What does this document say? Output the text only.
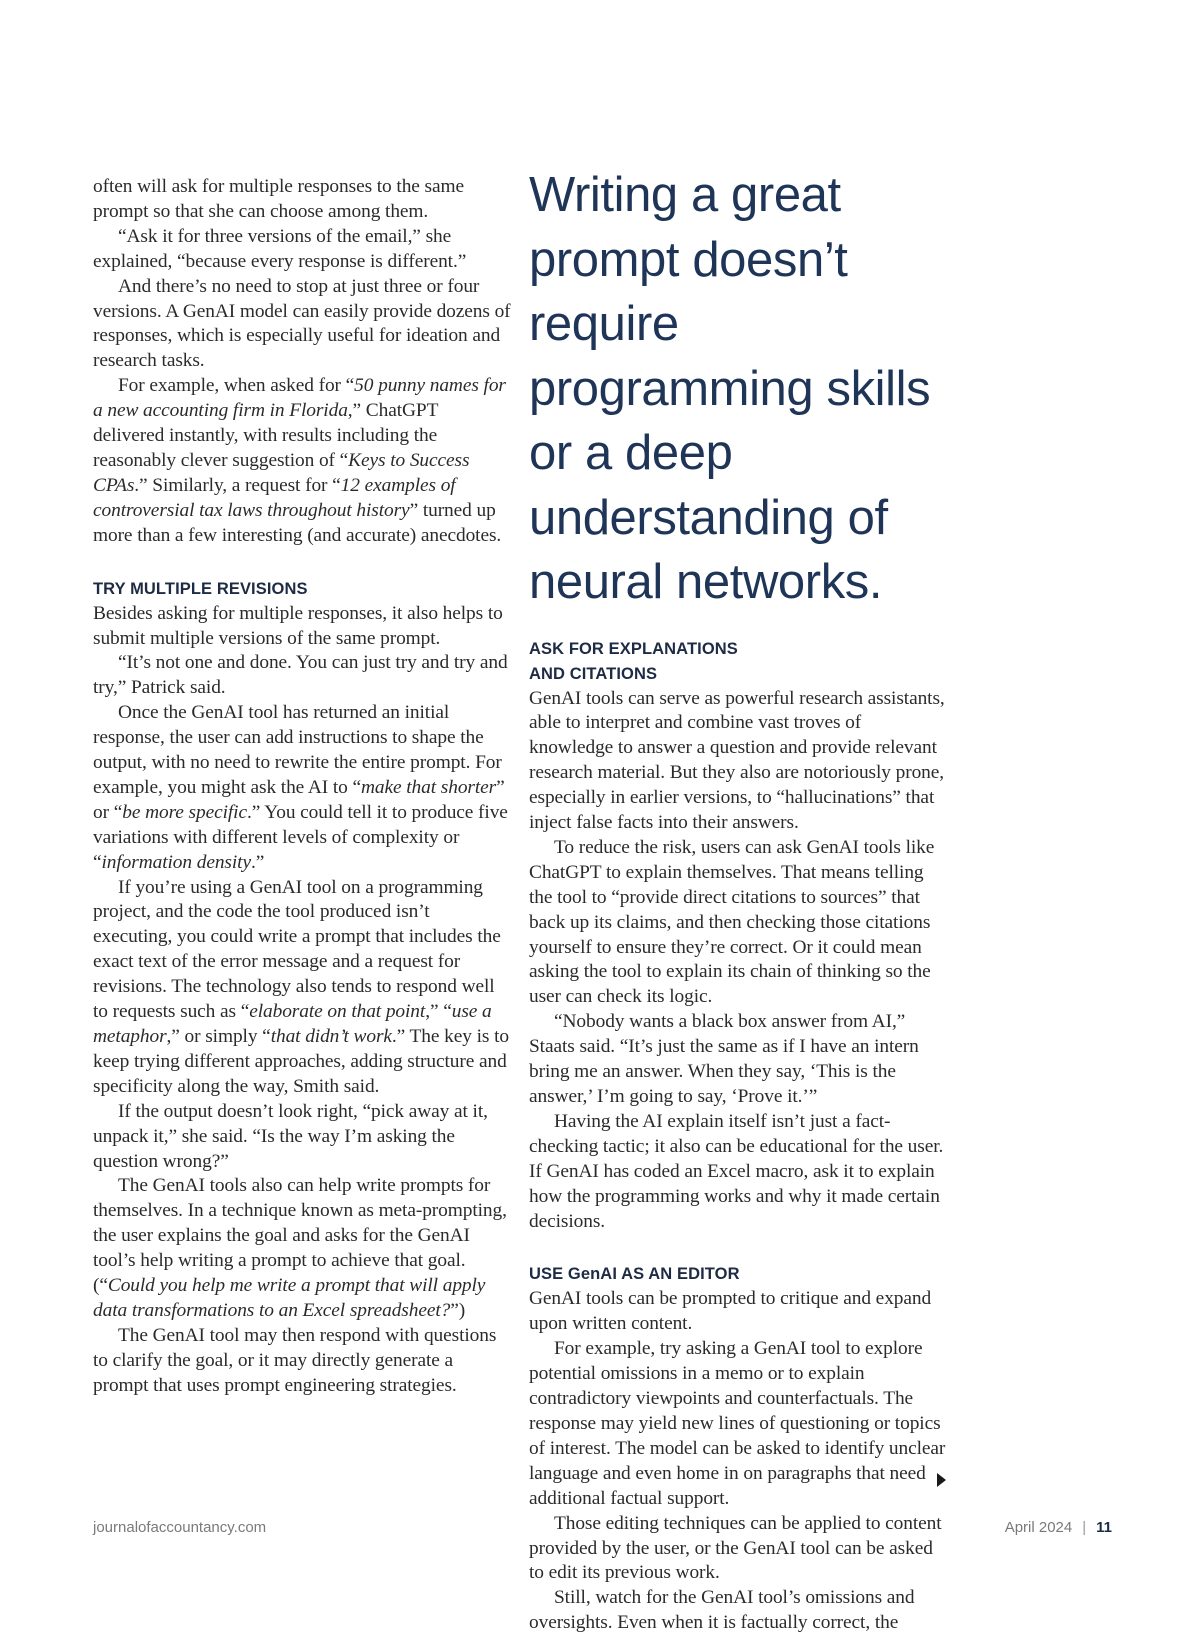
often will ask for multiple responses to the same prompt so that she can choose among them.

“Ask it for three versions of the email,” she explained, “because every response is different.”

And there’s no need to stop at just three or four versions. A GenAI model can easily provide dozens of responses, which is especially useful for ideation and research tasks.

For example, when asked for “50 punny names for a new accounting firm in Florida,” ChatGPT delivered instantly, with results including the reasonably clever suggestion of “Keys to Success CPAs.” Similarly, a request for “12 examples of controversial tax laws throughout history” turned up more than a few interesting (and accurate) anecdotes.

TRY MULTIPLE REVISIONS

Besides asking for multiple responses, it also helps to submit multiple versions of the same prompt.

“It’s not one and done. You can just try and try and try,” Patrick said.

Once the GenAI tool has returned an initial response, the user can add instructions to shape the output, with no need to rewrite the entire prompt. For example, you might ask the AI to “make that shorter” or “be more specific.” You could tell it to produce five variations with different levels of complexity or “information density.”

If you’re using a GenAI tool on a programming project, and the code the tool produced isn’t executing, you could write a prompt that includes the exact text of the error message and a request for revisions. The technology also tends to respond well to requests such as “elaborate on that point,” “use a metaphor,” or simply “that didn’t work.” The key is to keep trying different approaches, adding structure and specificity along the way, Smith said.

If the output doesn’t look right, “pick away at it, unpack it,” she said. “Is the way I’m asking the question wrong?”

The GenAI tools also can help write prompts for themselves. In a technique known as meta-prompting, the user explains the goal and asks for the GenAI tool’s help writing a prompt to achieve that goal. (“Could you help me write a prompt that will apply data transformations to an Excel spreadsheet?”)

The GenAI tool may then respond with questions to clarify the goal, or it may directly generate a prompt that uses prompt engineering strategies.

Writing a great prompt doesn’t require programming skills or a deep understanding of neural networks.
ASK FOR EXPLANATIONS
AND CITATIONS

GenAI tools can serve as powerful research assistants, able to interpret and combine vast troves of knowledge to answer a question and provide relevant research material. But they also are notoriously prone, especially in earlier versions, to “hallucinations” that inject false facts into their answers.

To reduce the risk, users can ask GenAI tools like ChatGPT to explain themselves. That means telling the tool to “provide direct citations to sources” that back up its claims, and then checking those citations yourself to ensure they’re correct. Or it could mean asking the tool to explain its chain of thinking so the user can check its logic.

“Nobody wants a black box answer from AI,” Staats said. “It’s just the same as if I have an intern bring me an answer. When they say, ‘This is the answer,’ I’m going to say, ‘Prove it.’”

Having the AI explain itself isn’t just a fact-checking tactic; it also can be educational for the user. If GenAI has coded an Excel macro, ask it to explain how the programming works and why it made certain decisions.

USE GenAI AS AN EDITOR

GenAI tools can be prompted to critique and expand upon written content.

For example, try asking a GenAI tool to explore potential omissions in a memo or to explain contradictory viewpoints and counterfactuals. The response may yield new lines of questioning or topics of interest. The model can be asked to identify unclear language and even home in on paragraphs that need additional factual support.

Those editing techniques can be applied to content provided by the user, or the GenAI tool can be asked to edit its previous work.

Still, watch for the GenAI tool’s omissions and oversights. Even when it is factually correct, the

journalofaccountancy.com	April 2024 | 11
